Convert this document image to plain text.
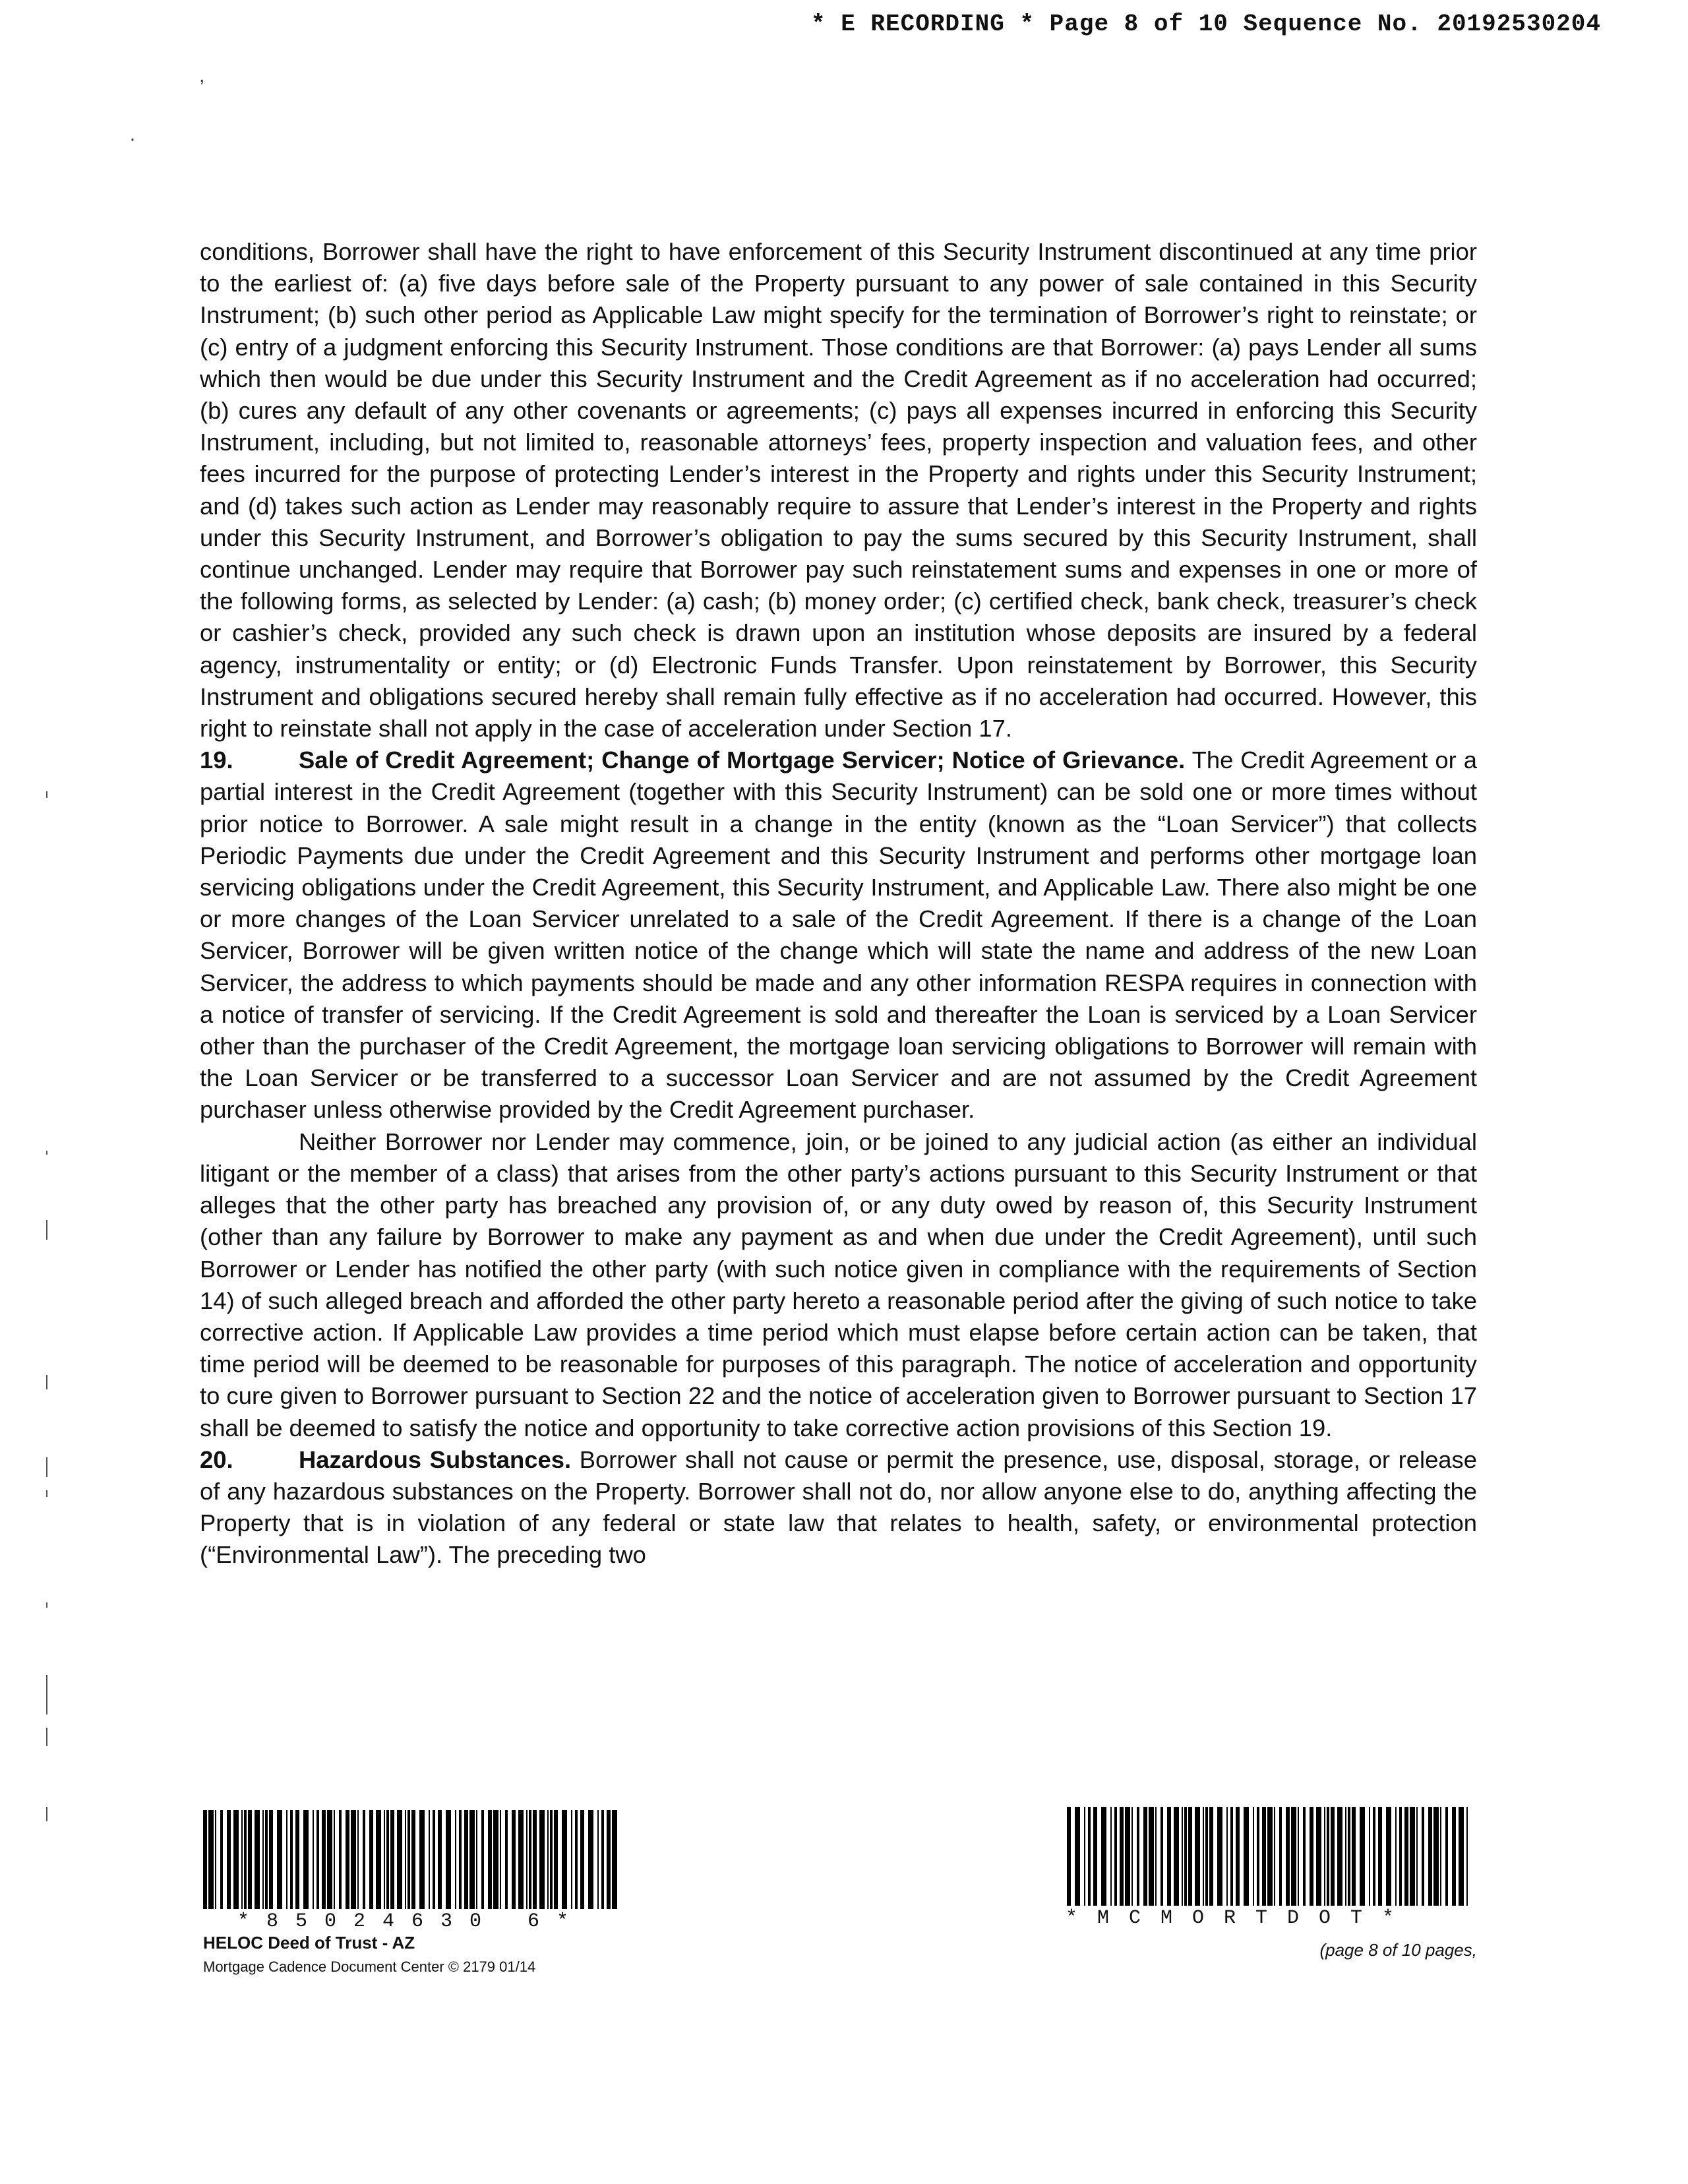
* E RECORDING * Page 8 of 10 Sequence No. 20192530204
,
·

conditions, Borrower shall have the right to have enforcement of this Security Instrument discontinued at any time prior to the earliest of: (a) five days before sale of the Property pursuant to any power of sale contained in this Security Instrument; (b) such other period as Applicable Law might specify for the termination of Borrower’s right to reinstate; or (c) entry of a judgment enforcing this Security Instrument. Those conditions are that Borrower: (a) pays Lender all sums which then would be due under this Security Instrument and the Credit Agreement as if no acceleration had occurred; (b) cures any default of any other covenants or agreements; (c) pays all expenses incurred in enforcing this Security Instrument, including, but not limited to, reasonable attorneys’ fees, property inspection and valuation fees, and other fees incurred for the purpose of protecting Lender’s interest in the Property and rights under this Security Instrument; and (d) takes such action as Lender may reasonably require to assure that Lender’s interest in the Property and rights under this Security Instrument, and Borrower’s obligation to pay the sums secured by this Security Instrument, shall continue unchanged. Lender may require that Borrower pay such reinstatement sums and expenses in one or more of the following forms, as selected by Lender: (a) cash; (b) money order; (c) certified check, bank check, treasurer’s check or cashier’s check, provided any such check is drawn upon an institution whose deposits are insured by a federal agency, instrumentality or entity; or (d) Electronic Funds Transfer. Upon reinstatement by Borrower, this Security Instrument and obligations secured hereby shall remain fully effective as if no acceleration had occurred. However, this right to reinstate shall not apply in the case of acceleration under Section 17.

19.	Sale of Credit Agreement; Change of Mortgage Servicer; Notice of Grievance. The Credit Agreement or a partial interest in the Credit Agreement (together with this Security Instrument) can be sold one or more times without prior notice to Borrower. A sale might result in a change in the entity (known as the “Loan Servicer”) that collects Periodic Payments due under the Credit Agreement and this Security Instrument and performs other mortgage loan servicing obligations under the Credit Agreement, this Security Instrument, and Applicable Law. There also might be one or more changes of the Loan Servicer unrelated to a sale of the Credit Agreement. If there is a change of the Loan Servicer, Borrower will be given written notice of the change which will state the name and address of the new Loan Servicer, the address to which payments should be made and any other information RESPA requires in connection with a notice of transfer of servicing. If the Credit Agreement is sold and thereafter the Loan is serviced by a Loan Servicer other than the purchaser of the Credit Agreement, the mortgage loan servicing obligations to Borrower will remain with the Loan Servicer or be transferred to a successor Loan Servicer and are not assumed by the Credit Agreement purchaser unless otherwise provided by the Credit Agreement purchaser.

Neither Borrower nor Lender may commence, join, or be joined to any judicial action (as either an individual litigant or the member of a class) that arises from the other party’s actions pursuant to this Security Instrument or that alleges that the other party has breached any provision of, or any duty owed by reason of, this Security Instrument (other than any failure by Borrower to make any payment as and when due under the Credit Agreement), until such Borrower or Lender has notified the other party (with such notice given in compliance with the requirements of Section 14) of such alleged breach and afforded the other party hereto a reasonable period after the giving of such notice to take corrective action. If Applicable Law provides a time period which must elapse before certain action can be taken, that time period will be deemed to be reasonable for purposes of this paragraph. The notice of acceleration and opportunity to cure given to Borrower pursuant to Section 22 and the notice of acceleration given to Borrower pursuant to Section 17 shall be deemed to satisfy the notice and opportunity to take corrective action provisions of this Section 19.

20.	Hazardous Substances. Borrower shall not cause or permit the presence, use, disposal, storage, or release of any hazardous substances on the Property. Borrower shall not do, nor allow anyone else to do, anything affecting the Property that is in violation of any federal or state law that relates to health, safety, or environmental protection (“Environmental Law”). The preceding two

*85024630 6*
HELOC Deed of Trust - AZ
Mortgage Cadence Document Center © 2179 01/14
*MCMORTDOT*
(page 8 of 10 pages,
